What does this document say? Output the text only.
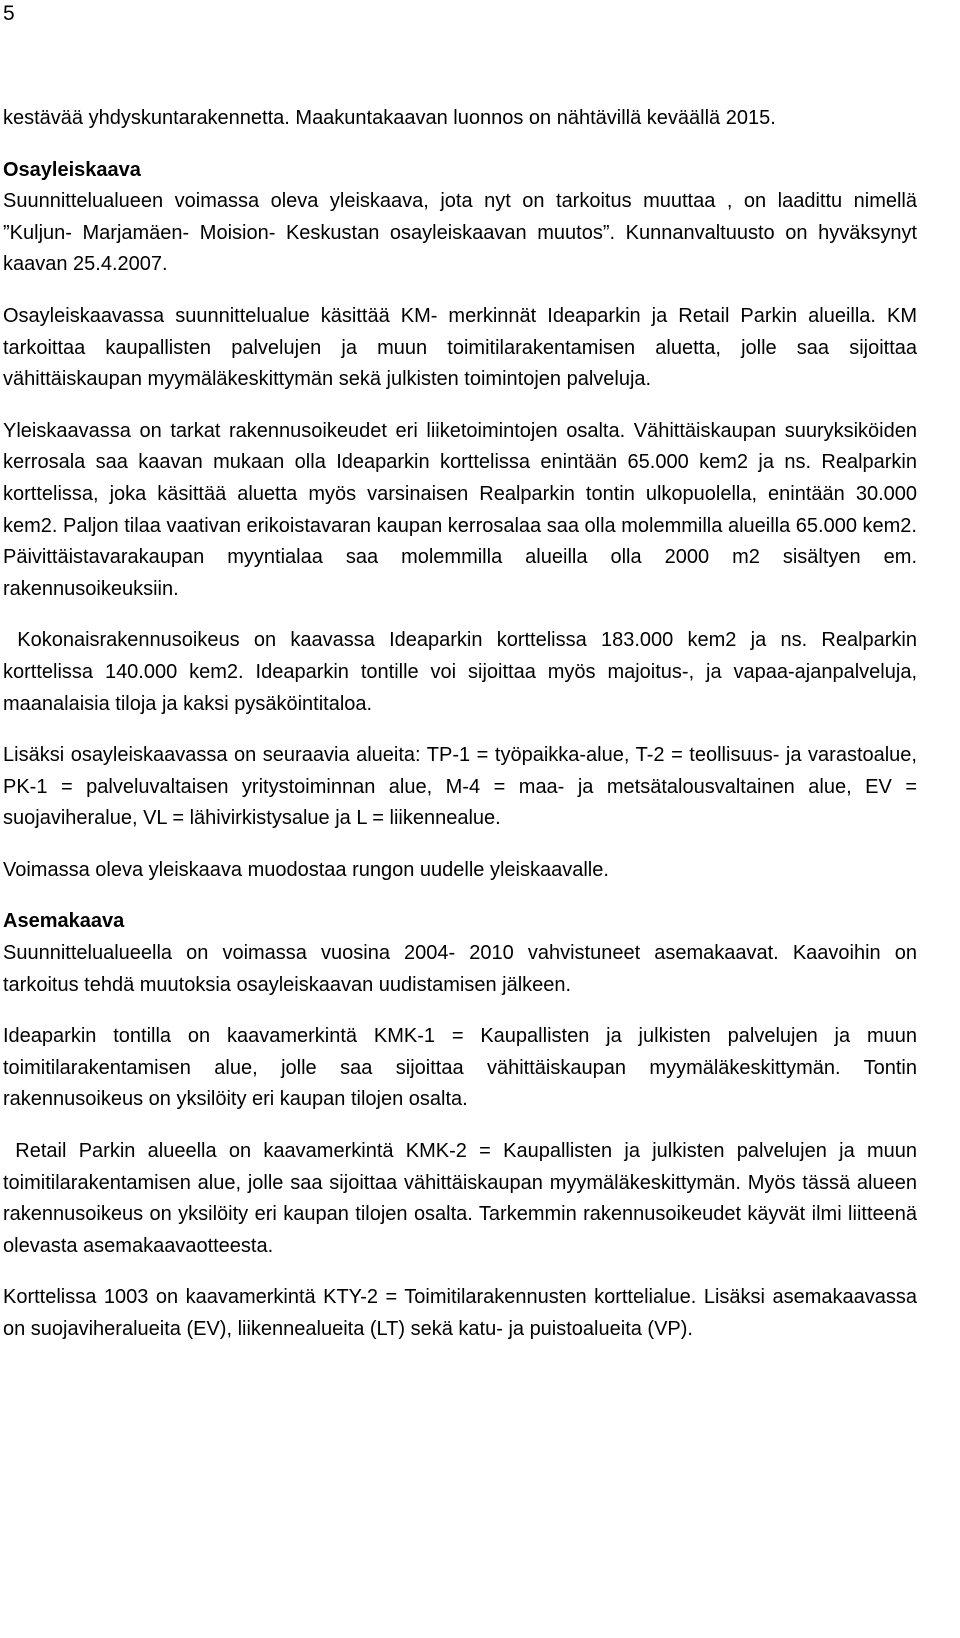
5

kestävää yhdyskuntarakennetta. Maakuntakaavan luonnos on nähtävillä keväällä 2015.

Osayleiskaava
Suunnittelualueen voimassa oleva yleiskaava, jota nyt on tarkoitus muuttaa , on laadittu nimellä ”Kuljun- Marjamäen- Moision- Keskustan osayleiskaavan muutos”. Kunnanvaltuusto on hyväksynyt kaavan 25.4.2007.

Osayleiskaavassa suunnittelualue käsittää KM- merkinnät Ideaparkin ja Retail Parkin alueilla. KM tarkoittaa kaupallisten palvelujen ja muun toimitilarakentamisen aluetta, jolle saa sijoittaa vähittäiskaupan myymäläkeskittymän sekä julkisten toimintojen palveluja.

Yleiskaavassa on tarkat rakennusoikeudet eri liiketoimintojen osalta. Vähittäiskaupan suuryksiköiden kerrosala saa kaavan mukaan olla Ideaparkin korttelissa enintään 65.000 kem2 ja ns. Realparkin korttelissa, joka käsittää aluetta myös varsinaisen Realparkin tontin ulkopuolella, enintään 30.000 kem2. Paljon tilaa vaativan erikoistavaran kaupan kerrosalaa saa olla molemmilla alueilla 65.000 kem2. Päivittäistavarakaupan myyntialaa saa molemmilla alueilla olla 2000 m2 sisältyen em. rakennusoikeuksiin.

Kokonaisrakennusoikeus on kaavassa Ideaparkin korttelissa 183.000 kem2 ja ns. Realparkin korttelissa 140.000 kem2. Ideaparkin tontille voi sijoittaa myös majoitus-, ja vapaa-ajanpalveluja,  maanalaisia tiloja ja kaksi pysäköintitaloa.

Lisäksi osayleiskaavassa on seuraavia alueita: TP-1 = työpaikka-alue, T-2 = teollisuus- ja varastoalue, PK-1 = palveluvaltaisen yritystoiminnan alue, M-4 = maa- ja metsätalousvaltainen alue, EV = suojaviheralue, VL = lähivirkistysalue ja L = liikennealue.

Voimassa oleva yleiskaava muodostaa rungon uudelle yleiskaavalle.

Asemakaava
Suunnittelualueella on voimassa vuosina 2004- 2010 vahvistuneet asemakaavat. Kaavoihin on tarkoitus tehdä muutoksia osayleiskaavan uudistamisen jälkeen.

Ideaparkin tontilla on kaavamerkintä KMK-1 = Kaupallisten ja julkisten palvelujen ja muun toimitilarakentamisen alue, jolle saa sijoittaa vähittäiskaupan myymäläkeskittymän. Tontin rakennusoikeus on yksilöity eri kaupan tilojen osalta.

Retail Parkin alueella on kaavamerkintä KMK-2 = Kaupallisten ja julkisten palvelujen ja muun toimitilarakentamisen alue, jolle saa sijoittaa vähittäiskaupan myymäläkeskittymän. Myös tässä alueen rakennusoikeus on yksilöity eri kaupan tilojen osalta. Tarkemmin rakennusoikeudet käyvät ilmi liitteenä olevasta asemakaavaotteesta.

Korttelissa 1003 on kaavamerkintä KTY-2 = Toimitilarakennusten korttelialue. Lisäksi asemakaavassa on suojaviheralueita (EV), liikennealueita (LT) sekä katu- ja puistoalueita (VP).
